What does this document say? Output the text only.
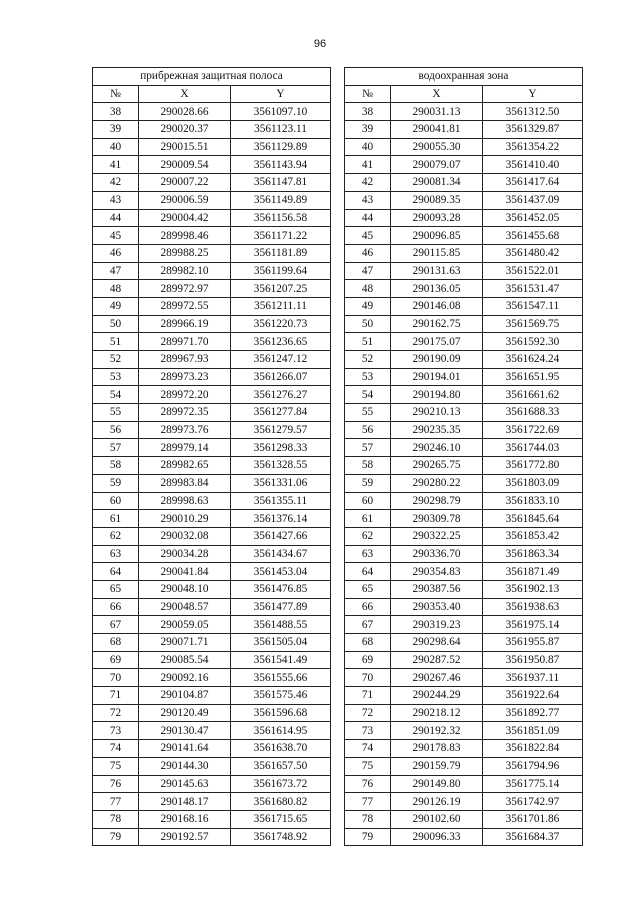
96
прибрежная защитная полоса		
№	X	Y
38	290028.66	3561097.10
39	290020.37	3561123.11
40	290015.51	3561129.89
41	290009.54	3561143.94
42	290007.22	3561147.81
43	290006.59	3561149.89
44	290004.42	3561156.58
45	289998.46	3561171.22
46	289988.25	3561181.89
47	289982.10	3561199.64
48	289972.97	3561207.25
49	289972.55	3561211.11
50	289966.19	3561220.73
51	289971.70	3561236.65
52	289967.93	3561247.12
53	289973.23	3561266.07
54	289972.20	3561276.27
55	289972.35	3561277.84
56	289973.76	3561279.57
57	289979.14	3561298.33
58	289982.65	3561328.55
59	289983.84	3561331.06
60	289998.63	3561355.11
61	290010.29	3561376.14
62	290032.08	3561427.66
63	290034.28	3561434.67
64	290041.84	3561453.04
65	290048.10	3561476.85
66	290048.57	3561477.89
67	290059.05	3561488.55
68	290071.71	3561505.04
69	290085.54	3561541.49
70	290092.16	3561555.66
71	290104.87	3561575.46
72	290120.49	3561596.68
73	290130.47	3561614.95
74	290141.64	3561638.70
75	290144.30	3561657.50
76	290145.63	3561673.72
77	290148.17	3561680.82
78	290168.16	3561715.65
79	290192.57	3561748.92
водоохранная зона		
№	X	Y
38	290031.13	3561312.50
39	290041.81	3561329.87
40	290055.30	3561354.22
41	290079.07	3561410.40
42	290081.34	3561417.64
43	290089.35	3561437.09
44	290093.28	3561452.05
45	290096.85	3561455.68
46	290115.85	3561480.42
47	290131.63	3561522.01
48	290136.05	3561531.47
49	290146.08	3561547.11
50	290162.75	3561569.75
51	290175.07	3561592.30
52	290190.09	3561624.24
53	290194.01	3561651.95
54	290194.80	3561661.62
55	290210.13	3561688.33
56	290235.35	3561722.69
57	290246.10	3561744.03
58	290265.75	3561772.80
59	290280.22	3561803.09
60	290298.79	3561833.10
61	290309.78	3561845.64
62	290322.25	3561853.42
63	290336.70	3561863.34
64	290354.83	3561871.49
65	290387.56	3561902.13
66	290353.40	3561938.63
67	290319.23	3561975.14
68	290298.64	3561955.87
69	290287.52	3561950.87
70	290267.46	3561937.11
71	290244.29	3561922.64
72	290218.12	3561892.77
73	290192.32	3561851.09
74	290178.83	3561822.84
75	290159.79	3561794.96
76	290149.80	3561775.14
77	290126.19	3561742.97
78	290102.60	3561701.86
79	290096.33	3561684.37
